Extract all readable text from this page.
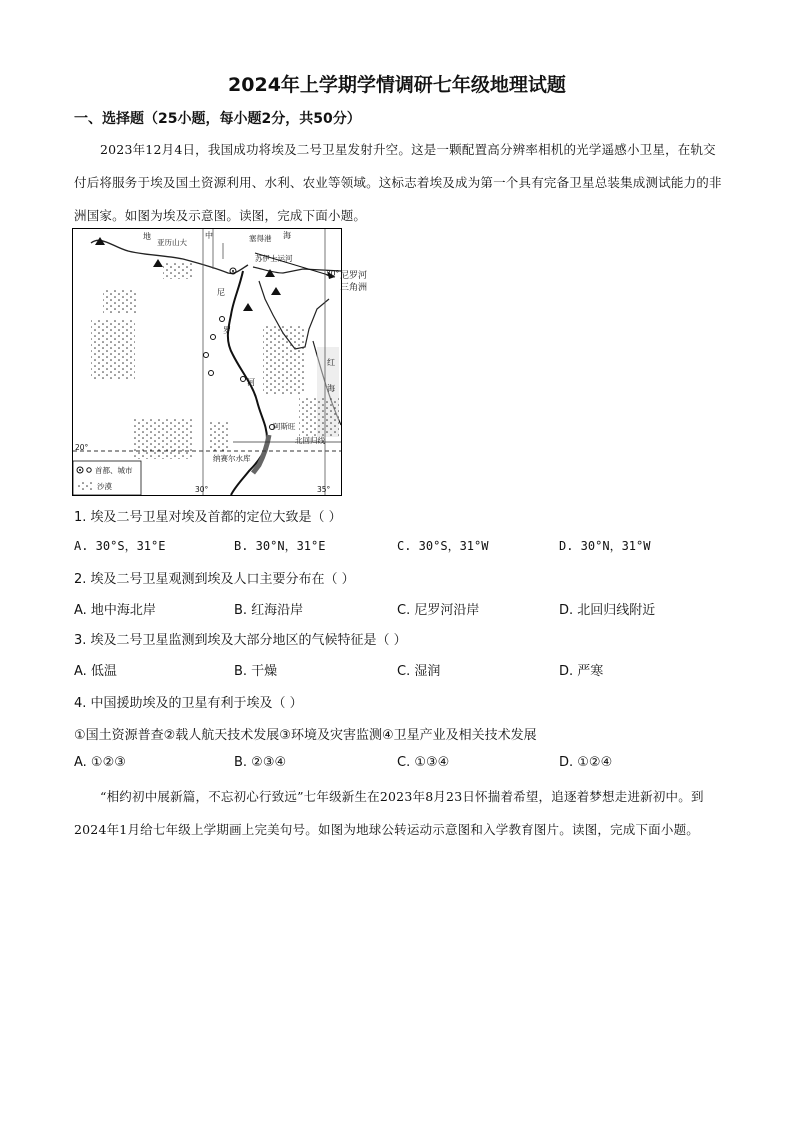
2024年上学期学情调研七年级地理试题
一、选择题（25小题，每小题2分，共50分）
2023年12月4日，我国成功将埃及二号卫星发射升空。这是一颗配置高分辨率相机的光学遥感小卫星，在轨交付后将服务于埃及国土资源利用、水利、农业等领域。这标志着埃及成为第一个具有完备卫星总装集成测试能力的非洲国家。如图为埃及示意图。读图，完成下面小题。
地	中	海
亚历山大	塞得港
苏伊士运河
30°
尼
罗
河
红
海
阿斯旺
北回归线
纳赛尔水库
20°
30°	35°
首都、城市
沙漠
尼罗河
三角洲
1. 埃及二号卫星对埃及首都的定位大致是（ ）
A. 30°S，31°E	B. 30°N，31°E	C. 30°S，31°W	D. 30°N，31°W
2. 埃及二号卫星观测到埃及人口主要分布在（ ）
A. 地中海北岸	B. 红海沿岸	C. 尼罗河沿岸	D. 北回归线附近
3. 埃及二号卫星监测到埃及大部分地区的气候特征是（ ）
A. 低温	B. 干燥	C. 湿润	D. 严寒
4. 中国援助埃及的卫星有利于埃及（ ）
①国土资源普查②载人航天技术发展③环境及灾害监测④卫星产业及相关技术发展
A. ①②③	B. ②③④	C. ①③④	D. ①②④
“相约初中展新篇，不忘初心行致远”七年级新生在2023年8月23日怀揣着希望，追逐着梦想走进新初中。到2024年1月给七年级上学期画上完美句号。如图为地球公转运动示意图和入学教育图片。读图，完成下面小题。
